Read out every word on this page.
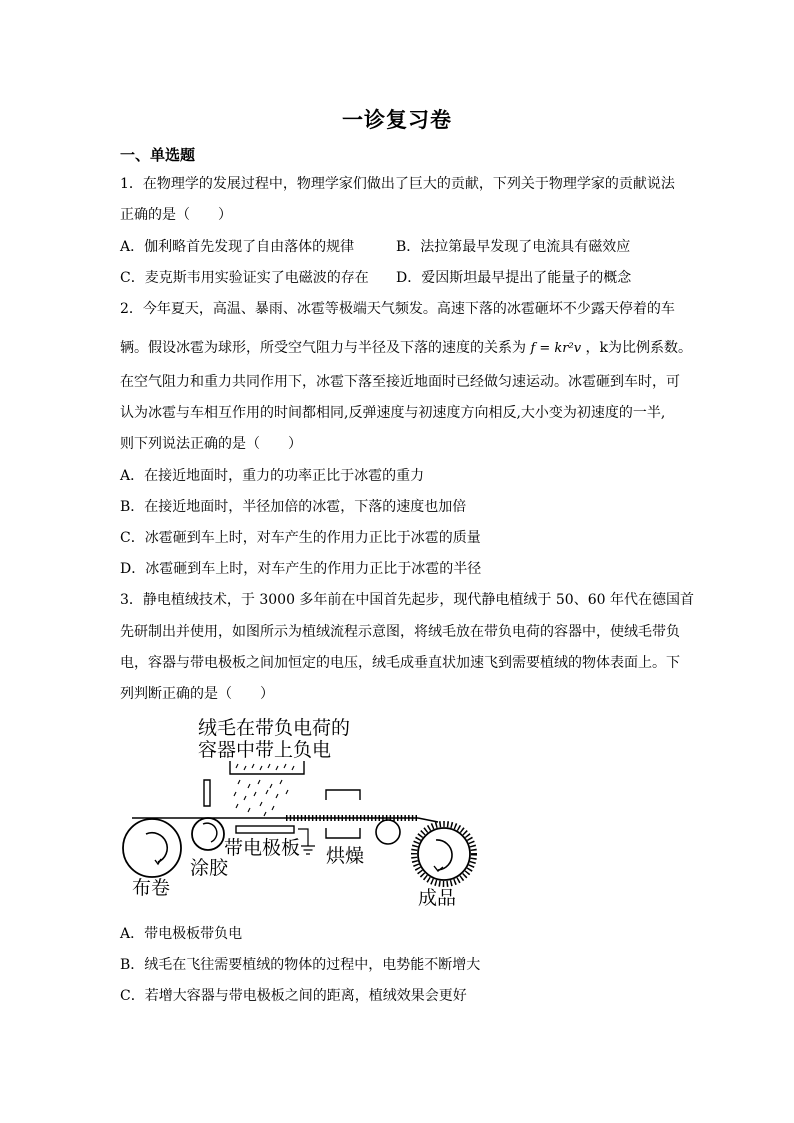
一诊复习卷
一、单选题
1．在物理学的发展过程中，物理学家们做出了巨大的贡献，下列关于物理学家的贡献说法
正确的是（　　）
A．伽利略首先发现了自由落体的规律	B．法拉第最早发现了电流具有磁效应
C．麦克斯韦用实验证实了电磁波的存在 D．爱因斯坦最早提出了能量子的概念
2．今年夏天，高温、暴雨、冰雹等极端天气频发。高速下落的冰雹砸坏不少露天停着的车
辆。假设冰雹为球形，所受空气阻力与半径及下落的速度的关系为 f = kr²v ，k为比例系数。
在空气阻力和重力共同作用下，冰雹下落至接近地面时已经做匀速运动。冰雹砸到车时，可
认为冰雹与车相互作用的时间都相同,反弹速度与初速度方向相反,大小变为初速度的一半,
则下列说法正确的是（　　）
A．在接近地面时，重力的功率正比于冰雹的重力
B．在接近地面时，半径加倍的冰雹，下落的速度也加倍
C．冰雹砸到车上时，对车产生的作用力正比于冰雹的质量
D．冰雹砸到车上时，对车产生的作用力正比于冰雹的半径
3．静电植绒技术，于 3000 多年前在中国首先起步，现代静电植绒于 50、60 年代在德国首
先研制出并使用，如图所示为植绒流程示意图，将绒毛放在带负电荷的容器中，使绒毛带负
电，容器与带电极板之间加恒定的电压，绒毛成垂直状加速飞到需要植绒的物体表面上。下
列判断正确的是（　　）
绒毛在带负电荷的
容器中带上负电
布卷
涂胶
带电极板 烘燥
成品
A．带电极板带负电
B．绒毛在飞往需要植绒的物体的过程中，电势能不断增大
C．若增大容器与带电极板之间的距离，植绒效果会更好
